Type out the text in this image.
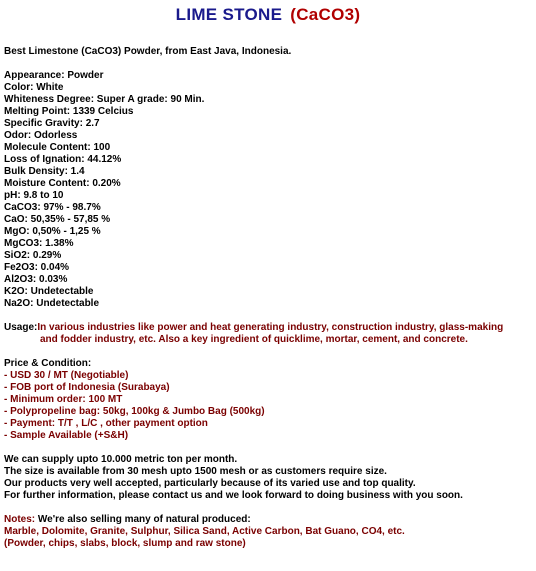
LIME STONE (CaCO3)
Best Limestone (CaCO3) Powder, from East Java, Indonesia.
Appearance: Powder
Color: White
Whiteness Degree: Super A grade: 90 Min.
Melting Point: 1339 Celcius
Specific Gravity: 2.7
Odor: Odorless
Molecule Content: 100
Loss of Ignation: 44.12%
Bulk Density: 1.4
Moisture Content: 0.20%
pH: 9.8 to 10
CaCO3: 97% - 98.7%
CaO: 50,35% - 57,85 %
MgO: 0,50% - 1,25 %
MgCO3: 1.38%
SiO2: 0.29%
Fe2O3: 0.04%
Al2O3: 0.03%
K2O: Undetectable
Na2O: Undetectable
Usage: In various industries like power and heat generating industry, construction industry, glass-making
and fodder industry, etc. Also a key ingredient of quicklime, mortar, cement, and concrete.
Price & Condition:
- USD 30 / MT (Negotiable)
- FOB port of Indonesia (Surabaya)
- Minimum order: 100 MT
- Polypropeline bag: 50kg, 100kg & Jumbo Bag (500kg)
- Payment: T/T , L/C , other payment option
- Sample Available (+S&H)
We can supply upto 10.000 metric ton per month.
The size is available from 30 mesh upto 1500 mesh or as customers require size.
Our products very well accepted, particularly because of its varied use and top quality.
For further information, please contact us and we look forward to doing business with you soon.
Notes: We're also selling many of natural produced:
Marble, Dolomite, Granite, Sulphur, Silica Sand, Active Carbon, Bat Guano, CO4, etc.
(Powder, chips, slabs, block, slump and raw stone)
